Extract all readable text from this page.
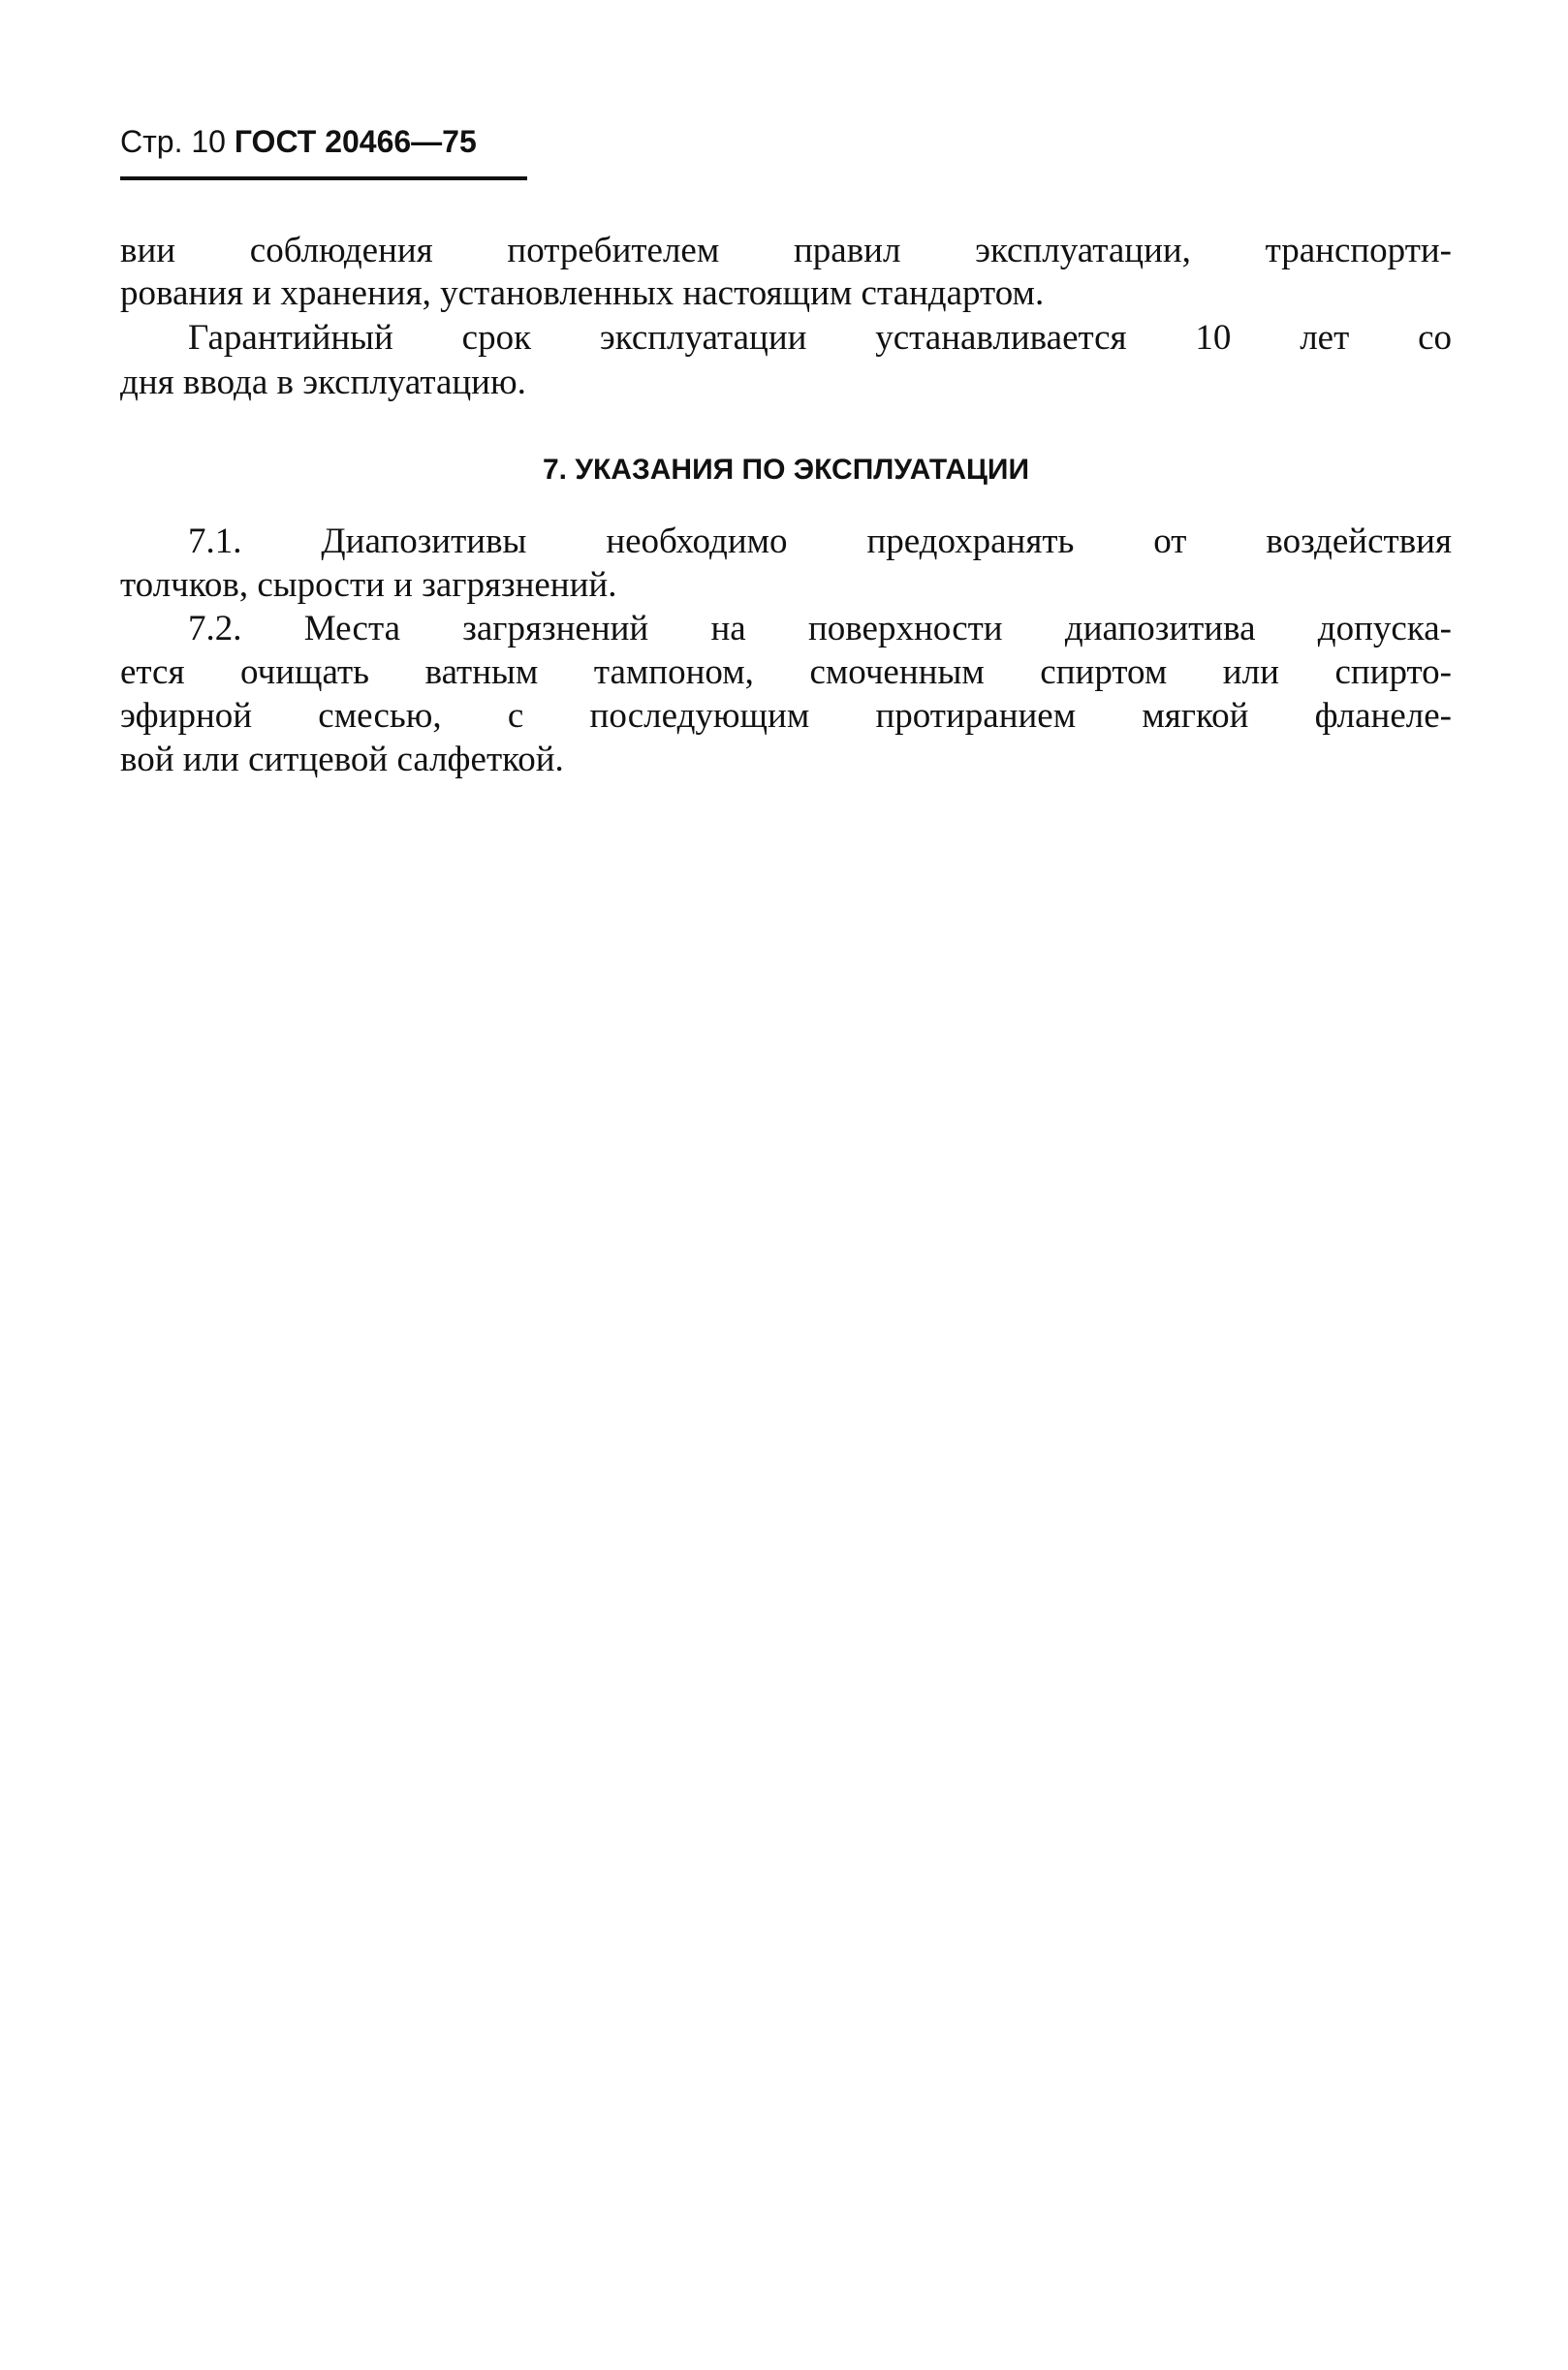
Стр. 10 ГОСТ 20466—75
вии соблюдения потребителем правил эксплуатации, транспорти-
рования и хранения, установленных настоящим стандартом.
Гарантийный срок эксплуатации устанавливается 10 лет со
дня ввода в эксплуатацию.
7. УКАЗАНИЯ ПО ЭКСПЛУАТАЦИИ
7.1. Диапозитивы необходимо предохранять от воздействия
толчков, сырости и загрязнений.
7.2. Места загрязнений на поверхности диапозитива допуска-
ется очищать ватным тампоном, смоченным спиртом или спирто-
эфирной смесью, с последующим протиранием мягкой фланеле-
вой или ситцевой салфеткой.
